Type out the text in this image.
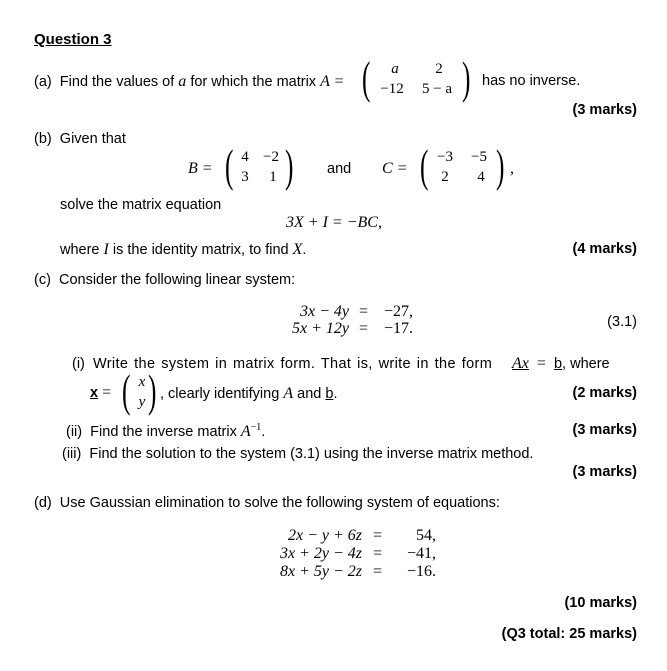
Question 3
(a) Find the values of a for which the matrix A = (	a	2
−12	5 − a ) has no inverse.
(3 marks)
(b) Given that
B = ( 4 −2
3	1 ) and C = ( −3	−5
2	4 ) ,
solve the matrix equation
3X + I = −BC,
where I is the identity matrix, to find X.	(4 marks)
(c) Consider the following linear system:
3x − 4y = −27,
5x + 12y = −17.	(3.1)
(i) Write the system in matrix form. That is, write in the form Ax = b, where
x = ( x
y ) , clearly identifying A and b.	(2 marks)
(ii) Find the inverse matrix $A^{-1}$.	(3 marks)
(iii) Find the solution to the system (3.1) using the inverse matrix method.
(3 marks)
(d) Use Gaussian elimination to solve the following system of equations:
2x − y + 6z = 54,
3x + 2y − 4z = −41,
8x + 5y − 2z = −16.
(10 marks)
(Q3 total: 25 marks)
